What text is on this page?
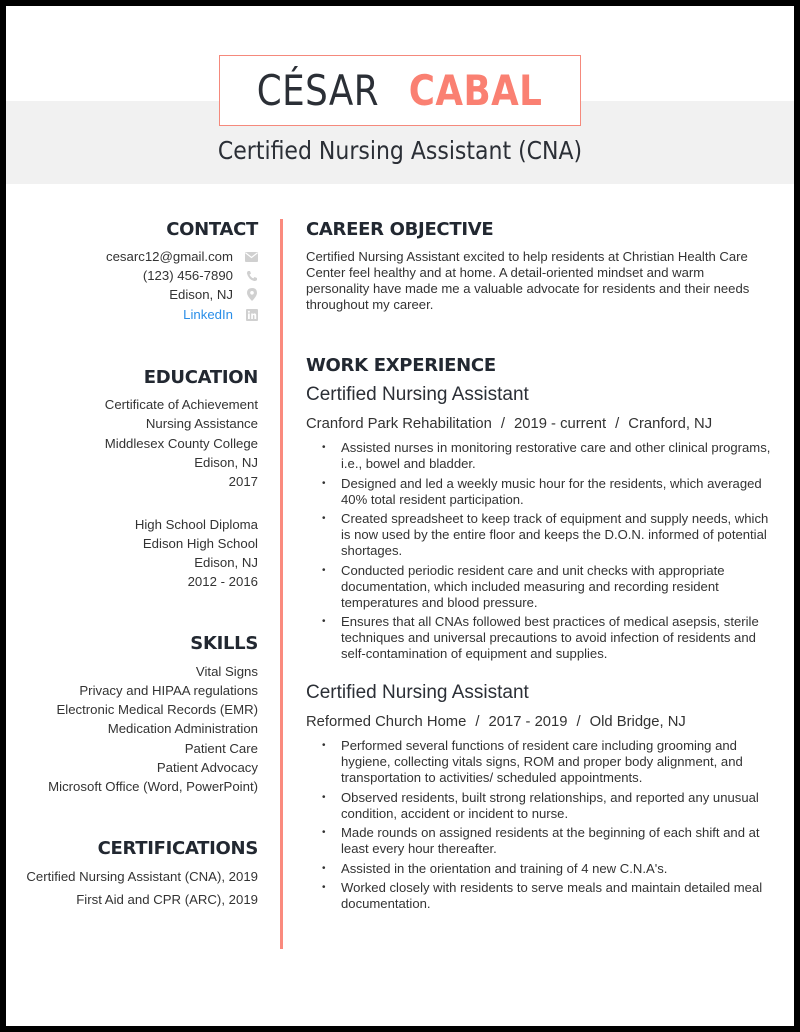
CÉSAR CABAL
Certified Nursing Assistant (CNA)
CONTACT
cesarc12@gmail.com
(123) 456-7890
Edison, NJ
LinkedIn
EDUCATION
Certificate of Achievement
Nursing Assistance
Middlesex County College
Edison, NJ
2017
High School Diploma
Edison High School
Edison, NJ
2012 - 2016
SKILLS
Vital Signs
Privacy and HIPAA regulations
Electronic Medical Records (EMR)
Medication Administration
Patient Care
Patient Advocacy
Microsoft Office (Word, PowerPoint)
CERTIFICATIONS
Certified Nursing Assistant (CNA), 2019
First Aid and CPR (ARC), 2019
CAREER OBJECTIVE
Certified Nursing Assistant excited to help residents at Christian Health Care Center feel healthy and at home. A detail-oriented mindset and warm personality have made me a valuable advocate for residents and their needs throughout my career.
WORK EXPERIENCE
Certified Nursing Assistant
Cranford Park Rehabilitation / 2019 - current / Cranford, NJ
• Assisted nurses in monitoring restorative care and other clinical programs, i.e., bowel and bladder.
• Designed and led a weekly music hour for the residents, which averaged 40% total resident participation.
• Created spreadsheet to keep track of equipment and supply needs, which is now used by the entire floor and keeps the D.O.N. informed of potential shortages.
• Conducted periodic resident care and unit checks with appropriate documentation, which included measuring and recording resident temperatures and blood pressure.
• Ensures that all CNAs followed best practices of medical asepsis, sterile techniques and universal precautions to avoid infection of residents and self-contamination of equipment and supplies.
Certified Nursing Assistant
Reformed Church Home / 2017 - 2019 / Old Bridge, NJ
• Performed several functions of resident care including grooming and hygiene, collecting vitals signs, ROM and proper body alignment, and transportation to activities/ scheduled appointments.
• Observed residents, built strong relationships, and reported any unusual condition, accident or incident to nurse.
• Made rounds on assigned residents at the beginning of each shift and at least every hour thereafter.
• Assisted in the orientation and training of 4 new C.N.A's.
• Worked closely with residents to serve meals and maintain detailed meal documentation.
